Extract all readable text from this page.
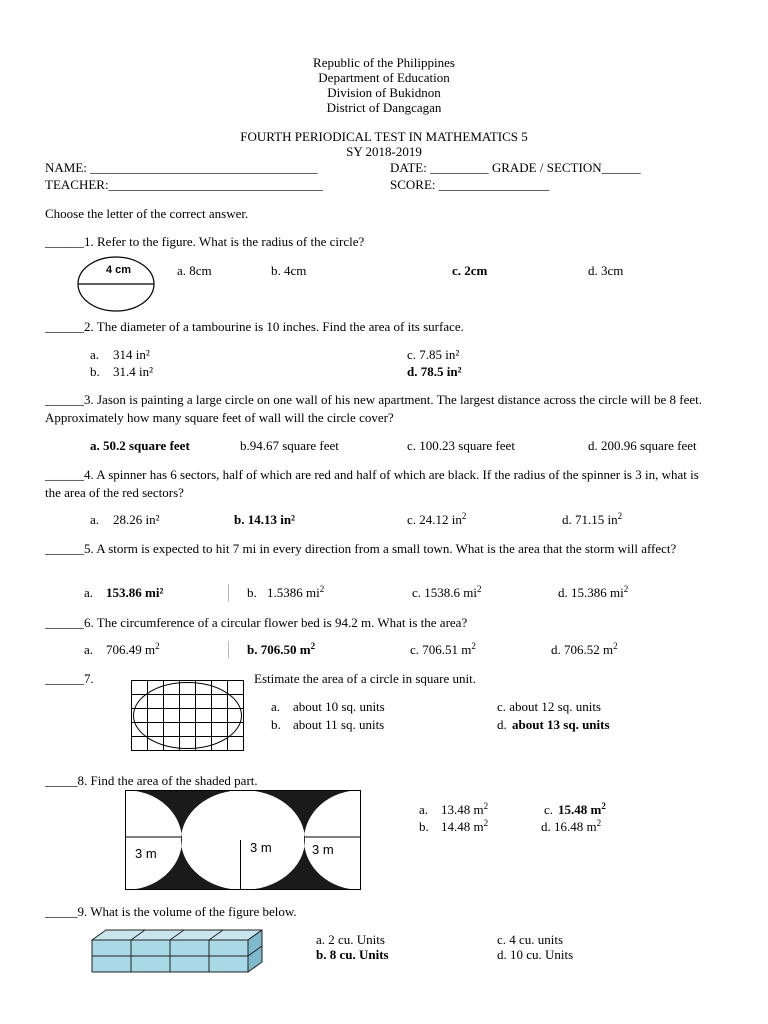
Republic of the Philippines
Department of Education
Division of Bukidnon
District of Dangcagan
FOURTH PERIODICAL TEST IN MATHEMATICS 5
SY 2018-2019
NAME: ___________________________________	DATE: _________ GRADE / SECTION______
TEACHER:_________________________________	SCORE: _________________
Choose the letter of the correct answer.
______1. Refer to the figure. What is the radius of the circle?
4 cm	a. 8cm	b. 4cm	c. 2cm	d. 3cm
______2. The diameter of a tambourine is 10 inches. Find the area of its surface.
a. 314 in²
b. 31.4 in²
c. 7.85 in²
d. 78.5 in²
______3. Jason is painting a large circle on one wall of his new apartment. The largest distance across the circle will be 8 feet. Approximately how many square feet of wall will the circle cover?
a. 50.2 square feet	b.94.67 square feet	c. 100.23 square feet	d. 200.96 square feet
______4. A spinner has 6 sectors, half of which are red and half of which are black. If the radius of the spinner is 3 in, what is the area of the red sectors?
a. 28.26 in²	b. 14.13 in²	c. 24.12 $in^2$	d. 71.15 $in^2$
______5. A storm is expected to hit 7 mi in every direction from a small town. What is the area that the storm will affect?
a. 153.86 mi²	b. 1.5386 $mi^2$	c. 1538.6 $mi^2$	d. 15.386 $mi^2$
______6. The circumference of a circular flower bed is 94.2 m. What is the area?
a. 706.49 $m^2$	b. 706.50 $m^2$	c. 706.51 $m^2$	d. 706.52 $m^2$
______7.	Estimate the area of a circle in square unit.
a. about 10 sq. units
b. about 11 sq. units
c. about 12 sq. units
d. about 13 sq. units
_____8. Find the area of the shaded part.
3 m	3 m	3 m
a. 13.48 $m^2$
b. 14.48 $m^2$
c. 15.48 $m^2$
d. 16.48 $m^2$
_____9. What is the volume of the figure below.
a. 2 cu. Units
b. 8 cu. Units
c. 4 cu. units
d. 10 cu. Units
